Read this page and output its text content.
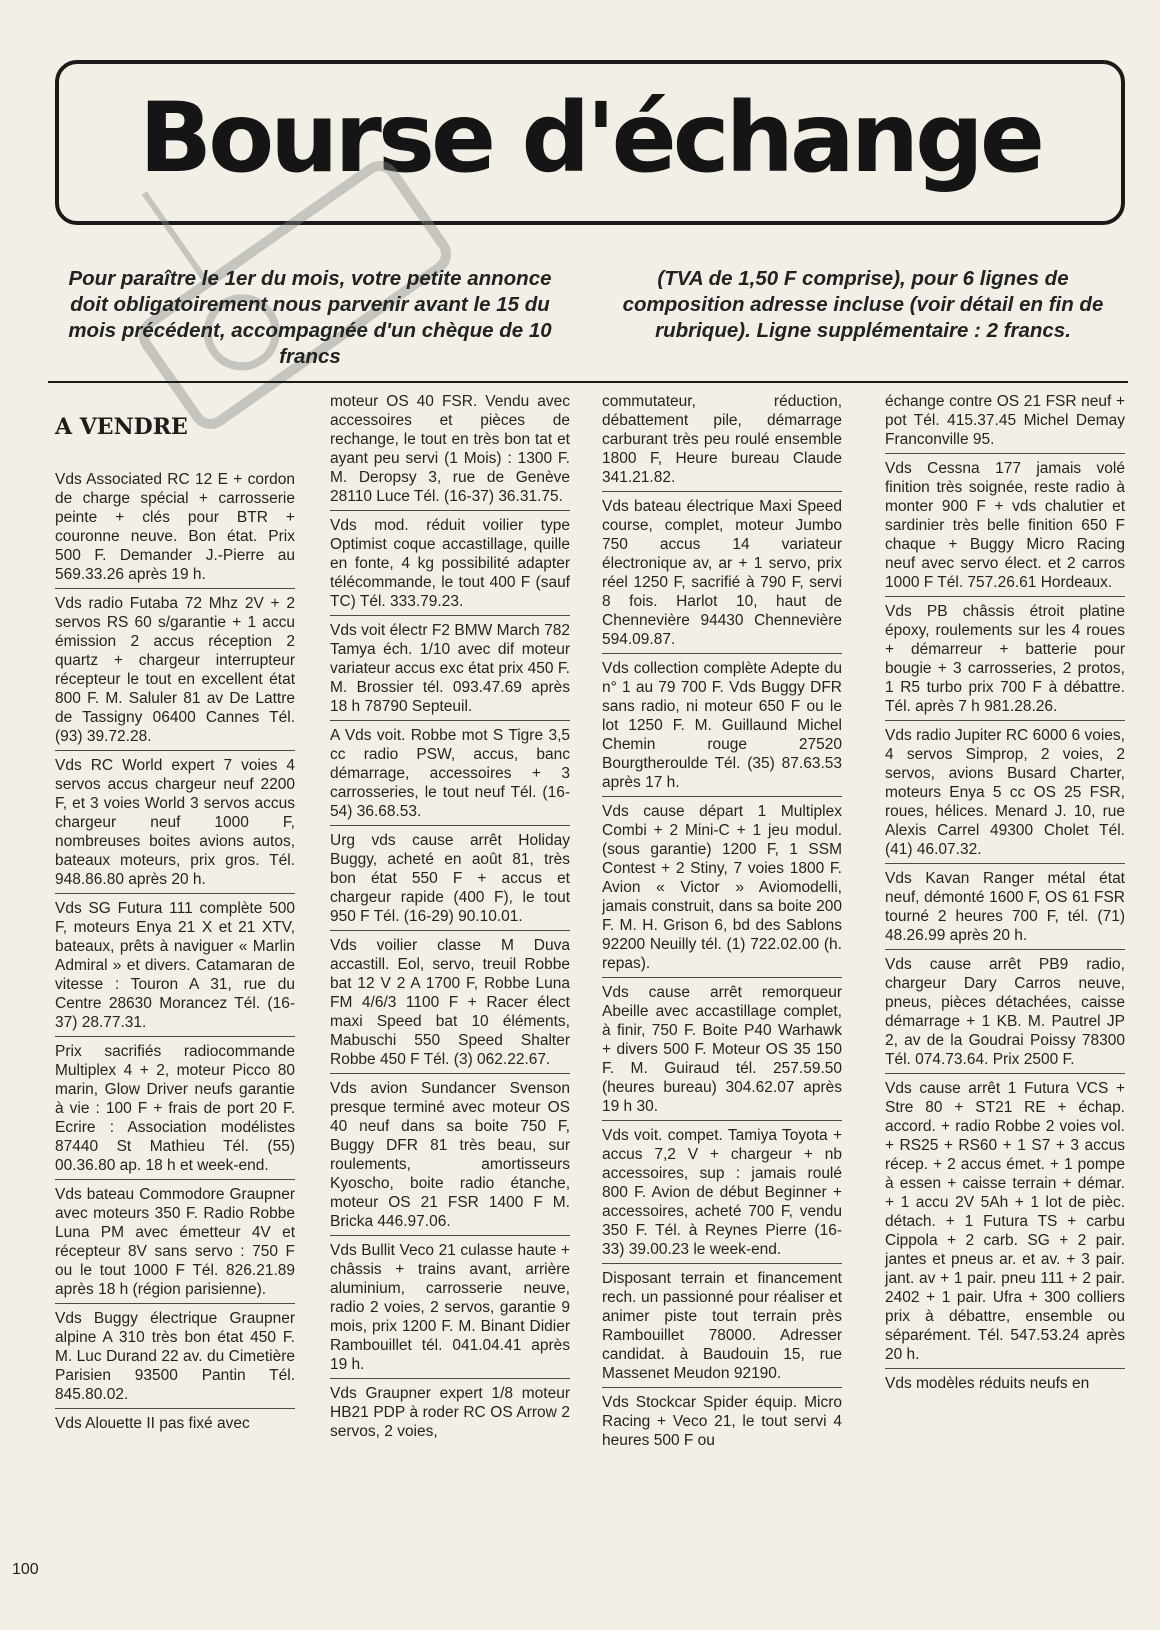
Bourse d'échange
Pour paraître le 1er du mois, votre petite annonce doit obligatoirement nous parvenir avant le 15 du mois précédent, accompagnée d'un chèque de 10 francs
(TVA de 1,50 F comprise), pour 6 lignes de composition adresse incluse (voir détail en fin de rubrique). Ligne supplémentaire : 2 francs.
A VENDRE
Vds Associated RC 12 E + cordon de charge spécial + carrosserie peinte + clés pour BTR + couronne neuve. Bon état. Prix 500 F. Demander J.-Pierre au 569.33.26 après 19 h.
Vds radio Futaba 72 Mhz 2V + 2 servos RS 60 s/garantie + 1 accu émission 2 accus réception 2 quartz + chargeur interrupteur récepteur le tout en excellent état 800 F. M. Saluler 81 av De Lattre de Tassigny 06400 Cannes Tél. (93) 39.72.28.
Vds RC World expert 7 voies 4 servos accus chargeur neuf 2200 F, et 3 voies World 3 servos accus chargeur neuf 1000 F, nombreuses boites avions autos, bateaux moteurs, prix gros. Tél. 948.86.80 après 20 h.
Vds SG Futura 111 complète 500 F, moteurs Enya 21 X et 21 XTV, bateaux, prêts à naviguer « Marlin Admiral » et divers. Catamaran de vitesse : Touron A 31, rue du Centre 28630 Morancez Tél. (16-37) 28.77.31.
Prix sacrifiés radiocommande Multiplex 4 + 2, moteur Picco 80 marin, Glow Driver neufs garantie à vie : 100 F + frais de port 20 F. Ecrire : Association modélistes 87440 St Mathieu Tél. (55) 00.36.80 ap. 18 h et week-end.
Vds bateau Commodore Graupner avec moteurs 350 F. Radio Robbe Luna PM avec émetteur 4V et récepteur 8V sans servo : 750 F ou le tout 1000 F Tél. 826.21.89 après 18 h (région parisienne).
Vds Buggy électrique Graupner alpine A 310 très bon état 450 F. M. Luc Durand 22 av. du Cimetière Parisien 93500 Pantin Tél. 845.80.02.
Vds Alouette II pas fixé avec
moteur OS 40 FSR. Vendu avec accessoires et pièces de rechange, le tout en très bon tat et ayant peu servi (1 Mois) : 1300 F. M. Deropsy 3, rue de Genève 28110 Luce Tél. (16-37) 36.31.75.
Vds mod. réduit voilier type Optimist coque accastillage, quille en fonte, 4 kg possibilité adapter télécommande, le tout 400 F (sauf TC) Tél. 333.79.23.
Vds voit électr F2 BMW March 782 Tamya éch. 1/10 avec dif moteur variateur accus exc état prix 450 F. M. Brossier tél. 093.47.69 après 18 h 78790 Septeuil.
A Vds voit. Robbe mot S Tigre 3,5 cc radio PSW, accus, banc démarrage, accessoires + 3 carrosseries, le tout neuf Tél. (16-54) 36.68.53.
Urg vds cause arrêt Holiday Buggy, acheté en août 81, très bon état 550 F + accus et chargeur rapide (400 F), le tout 950 F Tél. (16-29) 90.10.01.
Vds voilier classe M Duva accastill. Eol, servo, treuil Robbe bat 12 V 2 A 1700 F, Robbe Luna FM 4/6/3 1100 F + Racer élect maxi Speed bat 10 éléments, Mabuschi 550 Speed Shalter Robbe 450 F Tél. (3) 062.22.67.
Vds avion Sundancer Svenson presque terminé avec moteur OS 40 neuf dans sa boite 750 F, Buggy DFR 81 très beau, sur roulements, amortisseurs Kyoscho, boite radio étanche, moteur OS 21 FSR 1400 F M. Bricka 446.97.06.
Vds Bullit Veco 21 culasse haute + châssis + trains avant, arrière aluminium, carrosserie neuve, radio 2 voies, 2 servos, garantie 9 mois, prix 1200 F. M. Binant Didier Rambouillet tél. 041.04.41 après 19 h.
Vds Graupner expert 1/8 moteur HB21 PDP à roder RC OS Arrow 2 servos, 2 voies,
commutateur, réduction, débattement pile, démarrage carburant très peu roulé ensemble 1800 F, Heure bureau Claude 341.21.82.
Vds bateau électrique Maxi Speed course, complet, moteur Jumbo 750 accus 14 variateur électronique av, ar + 1 servo, prix réel 1250 F, sacrifié à 790 F, servi 8 fois. Harlot 10, haut de Chennevière 94430 Chennevière 594.09.87.
Vds collection complète Adepte du n° 1 au 79 700 F. Vds Buggy DFR sans radio, ni moteur 650 F ou le lot 1250 F. M. Guillaund Michel Chemin rouge 27520 Bourgtheroulde Tél. (35) 87.63.53 après 17 h.
Vds cause départ 1 Multiplex Combi + 2 Mini-C + 1 jeu modul. (sous garantie) 1200 F, 1 SSM Contest + 2 Stiny, 7 voies 1800 F. Avion « Victor » Aviomodelli, jamais construit, dans sa boite 200 F. M. H. Grison 6, bd des Sablons 92200 Neuilly tél. (1) 722.02.00 (h. repas).
Vds cause arrêt remorqueur Abeille avec accastillage complet, à finir, 750 F. Boite P40 Warhawk + divers 500 F. Moteur OS 35 150 F. M. Guiraud tél. 257.59.50 (heures bureau) 304.62.07 après 19 h 30.
Vds voit. compet. Tamiya Toyota + accus 7,2 V + chargeur + nb accessoires, sup : jamais roulé 800 F. Avion de début Beginner + accessoires, acheté 700 F, vendu 350 F. Tél. à Reynes Pierre (16-33) 39.00.23 le week-end.
Disposant terrain et financement rech. un passionné pour réaliser et animer piste tout terrain près Rambouillet 78000. Adresser candidat. à Baudouin 15, rue Massenet Meudon 92190.
Vds Stockcar Spider équip. Micro Racing + Veco 21, le tout servi 4 heures 500 F ou
échange contre OS 21 FSR neuf + pot Tél. 415.37.45 Michel Demay Franconville 95.
Vds Cessna 177 jamais volé finition très soignée, reste radio à monter 900 F + vds chalutier et sardinier très belle finition 650 F chaque + Buggy Micro Racing neuf avec servo élect. et 2 carros 1000 F Tél. 757.26.61 Hordeaux.
Vds PB châssis étroit platine époxy, roulements sur les 4 roues + démarreur + batterie pour bougie + 3 carrosseries, 2 protos, 1 R5 turbo prix 700 F à débattre. Tél. après 7 h 981.28.26.
Vds radio Jupiter RC 6000 6 voies, 4 servos Simprop, 2 voies, 2 servos, avions Busard Charter, moteurs Enya 5 cc OS 25 FSR, roues, hélices. Menard J. 10, rue Alexis Carrel 49300 Cholet Tél. (41) 46.07.32.
Vds Kavan Ranger métal état neuf, démonté 1600 F, OS 61 FSR tourné 2 heures 700 F, tél. (71) 48.26.99 après 20 h.
Vds cause arrêt PB9 radio, chargeur Dary Carros neuve, pneus, pièces détachées, caisse démarrage + 1 KB. M. Pautrel JP 2, av de la Goudrai Poissy 78300 Tél. 074.73.64. Prix 2500 F.
Vds cause arrêt 1 Futura VCS + Stre 80 + ST21 RE + échap. accord. + radio Robbe 2 voies vol. + RS25 + RS60 + 1 S7 + 3 accus récep. + 2 accus émet. + 1 pompe à essen + caisse terrain + démar. + 1 accu 2V 5Ah + 1 lot de pièc. détach. + 1 Futura TS + carbu Cippola + 2 carb. SG + 2 pair. jantes et pneus ar. et av. + 3 pair. jant. av + 1 pair. pneu 111 + 2 pair. 2402 + 1 pair. Ufra + 300 colliers prix à débattre, ensemble ou séparément. Tél. 547.53.24 après 20 h.
Vds modèles réduits neufs en
100
